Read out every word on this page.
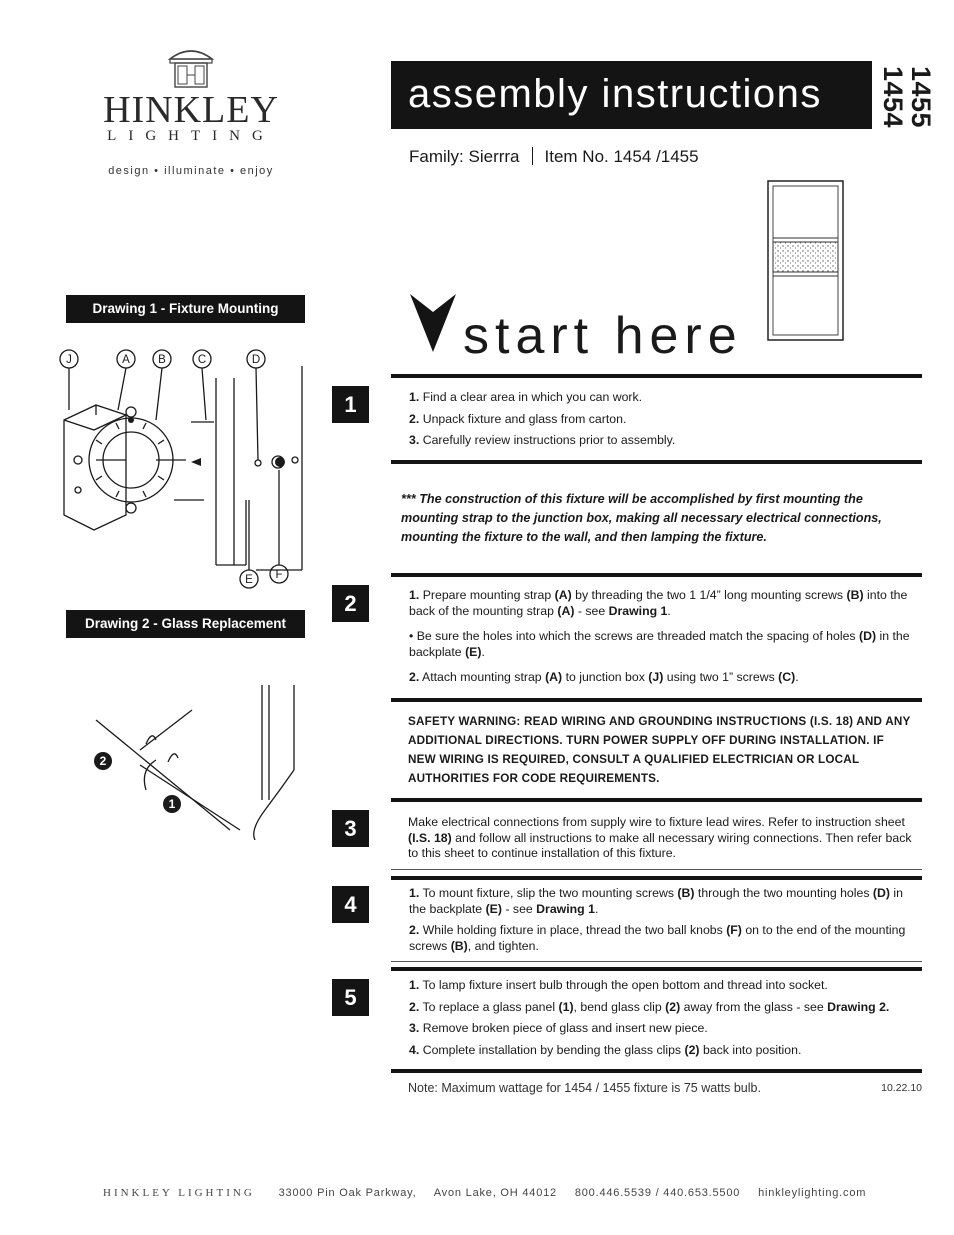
HINKLEY
LIGHTING
design • illuminate • enjoy
assembly instructions 1454
1455
Family: Sierrra Item No. 1454 /1455
start here
Drawing 1 - Fixture Mounting
J	A B	C	D
E F
Drawing 2 - Glass Replacement
2
1
1	1. Find a clear area in which you can work.
2. Unpack fixture and glass from carton.
3. Carefully review instructions prior to assembly.
*** The construction of this fixture will be accomplished by first mounting the mounting strap to the junction box, making all necessary electrical connections, mounting the fixture to the wall, and then lamping the fixture.
2	1. Prepare mounting strap (A) by threading the two 1 1/4” long mounting screws (B) into the back of the mounting strap (A) - see Drawing 1.
• Be sure the holes into which the screws are threaded match the spacing of holes (D) in the backplate (E).
2. Attach mounting strap (A) to junction box (J) using two 1” screws (C).
SAFETY WARNING: READ WIRING AND GROUNDING INSTRUCTIONS (I.S. 18) AND ANY ADDITIONAL DIRECTIONS. TURN POWER SUPPLY OFF DURING INSTALLATION. IF NEW WIRING IS REQUIRED, CONSULT A QUALIFIED ELECTRICIAN OR LOCAL AUTHORITIES FOR CODE REQUIREMENTS.
3	Make electrical connections from supply wire to fixture lead wires. Refer to instruction sheet (I.S. 18) and follow all instructions to make all necessary wiring connections. Then refer back to this sheet to continue installation of this fixture.
4	1. To mount fixture, slip the two mounting screws (B) through the two mounting holes (D) in the backplate (E) - see Drawing 1.
2. While holding fixture in place, thread the two ball knobs (F) on to the end of the mounting screws (B), and tighten.
5	1. To lamp fixture insert bulb through the open bottom and thread into socket.
2. To replace a glass panel (1), bend glass clip (2) away from the glass - see Drawing 2.
3. Remove broken piece of glass and insert new piece.
4. Complete installation by bending the glass clips (2) back into position.
Note: Maximum wattage for 1454 / 1455 fixture is 75 watts bulb.	10.22.10
HINKLEY LIGHTING 33000 Pin Oak Parkway, Avon Lake, OH 44012 800.446.5539 / 440.653.5500 hinkleylighting.com
